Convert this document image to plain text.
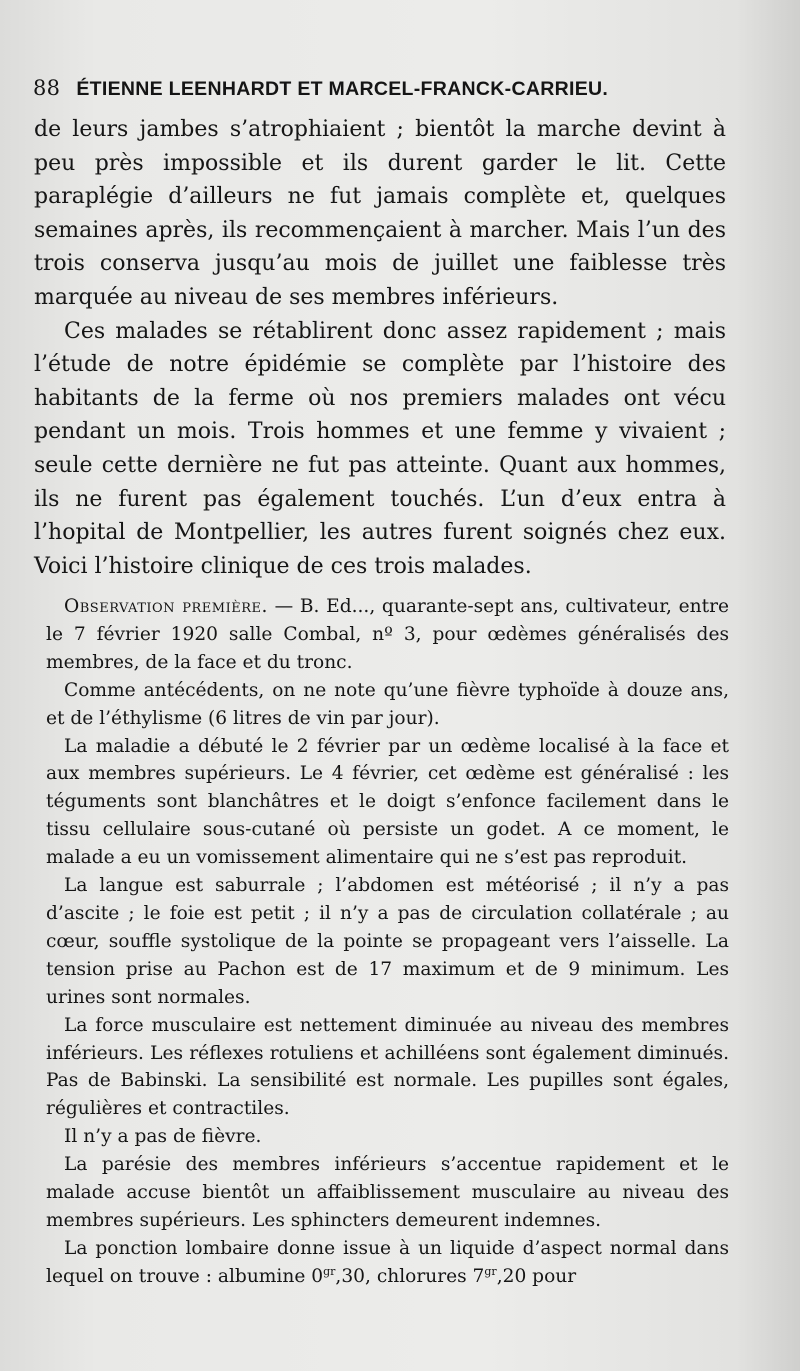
88 ÉTIENNE LEENHARDT ET MARCEL-FRANCK-CARRIEU.

de leurs jambes s’atrophiaient ; bientôt la marche devint à peu près impossible et ils durent garder le lit. Cette paraplégie d’ailleurs ne fut jamais complète et, quelques semaines après, ils recommençaient à marcher. Mais l’un des trois conserva jusqu’au mois de juillet une faiblesse très marquée au niveau de ses membres inférieurs.

Ces malades se rétablirent donc assez rapidement ; mais l’étude de notre épidémie se complète par l’histoire des habitants de la ferme où nos premiers malades ont vécu pendant un mois. Trois hommes et une femme y vivaient ; seule cette dernière ne fut pas atteinte. Quant aux hommes, ils ne furent pas également touchés. L’un d’eux entra à l’hopital de Montpellier, les autres furent soignés chez eux. Voici l’histoire clinique de ces trois malades.

Observation première. — B. Ed..., quarante-sept ans, cultivateur, entre le 7 février 1920 salle Combal, nº 3, pour œdèmes généralisés des membres, de la face et du tronc.

Comme antécédents, on ne note qu’une fièvre typhoïde à douze ans, et de l’éthylisme (6 litres de vin par jour).

La maladie a débuté le 2 février par un œdème localisé à la face et aux membres supérieurs. Le 4 février, cet œdème est généralisé : les téguments sont blanchâtres et le doigt s’enfonce facilement dans le tissu cellulaire sous-cutané où persiste un godet. A ce moment, le malade a eu un vomissement alimentaire qui ne s’est pas reproduit.

La langue est saburrale ; l’abdomen est météorisé ; il n’y a pas d’ascite ; le foie est petit ; il n’y a pas de circulation collatérale ; au cœur, souffle systolique de la pointe se propageant vers l’aisselle. La tension prise au Pachon est de 17 maximum et de 9 minimum. Les urines sont normales.

La force musculaire est nettement diminuée au niveau des membres inférieurs. Les réflexes rotuliens et achilléens sont également diminués. Pas de Babinski. La sensibilité est normale. Les pupilles sont égales, régulières et contractiles.

Il n’y a pas de fièvre.

La parésie des membres inférieurs s’accentue rapidement et le malade accuse bientôt un affaiblissement musculaire au niveau des membres supérieurs. Les sphincters demeurent indemnes.

La ponction lombaire donne issue à un liquide d’aspect normal dans lequel on trouve : albumine $0^{gr},30$, chlorures $7^{gr},20$ pour
